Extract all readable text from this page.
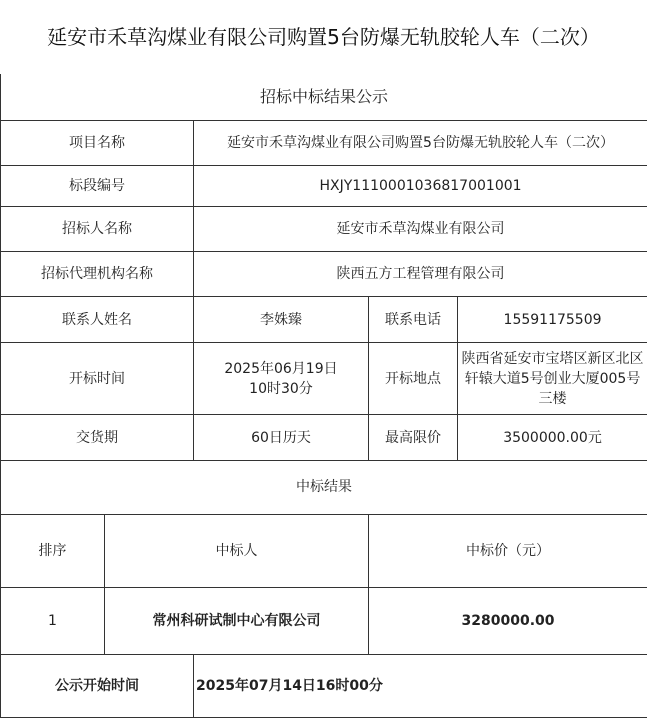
延安市禾草沟煤业有限公司购置5台防爆无轨胶轮人车（二次）
招标中标结果公示				
项目名称		延安市禾草沟煤业有限公司购置5台防爆无轨胶轮人车（二次）		
标段编号		HXJY1110001036817001001		
招标人名称		延安市禾草沟煤业有限公司		
招标代理机构名称		陕西五方工程管理有限公司		
联系人姓名		李姝臻	联系电话	15591175509
开标时间		2025年06月19日10时30分	开标地点	陕西省延安市宝塔区新区北区轩辕大道5号创业大厦005号三楼
交货期		60日历天	最高限价	3500000.00元
中标结果				
排序	中标人		中标价（元）	
1	常州科研试制中心有限公司		3280000.00	
公示开始时间		2025年07月14日16时00分		
